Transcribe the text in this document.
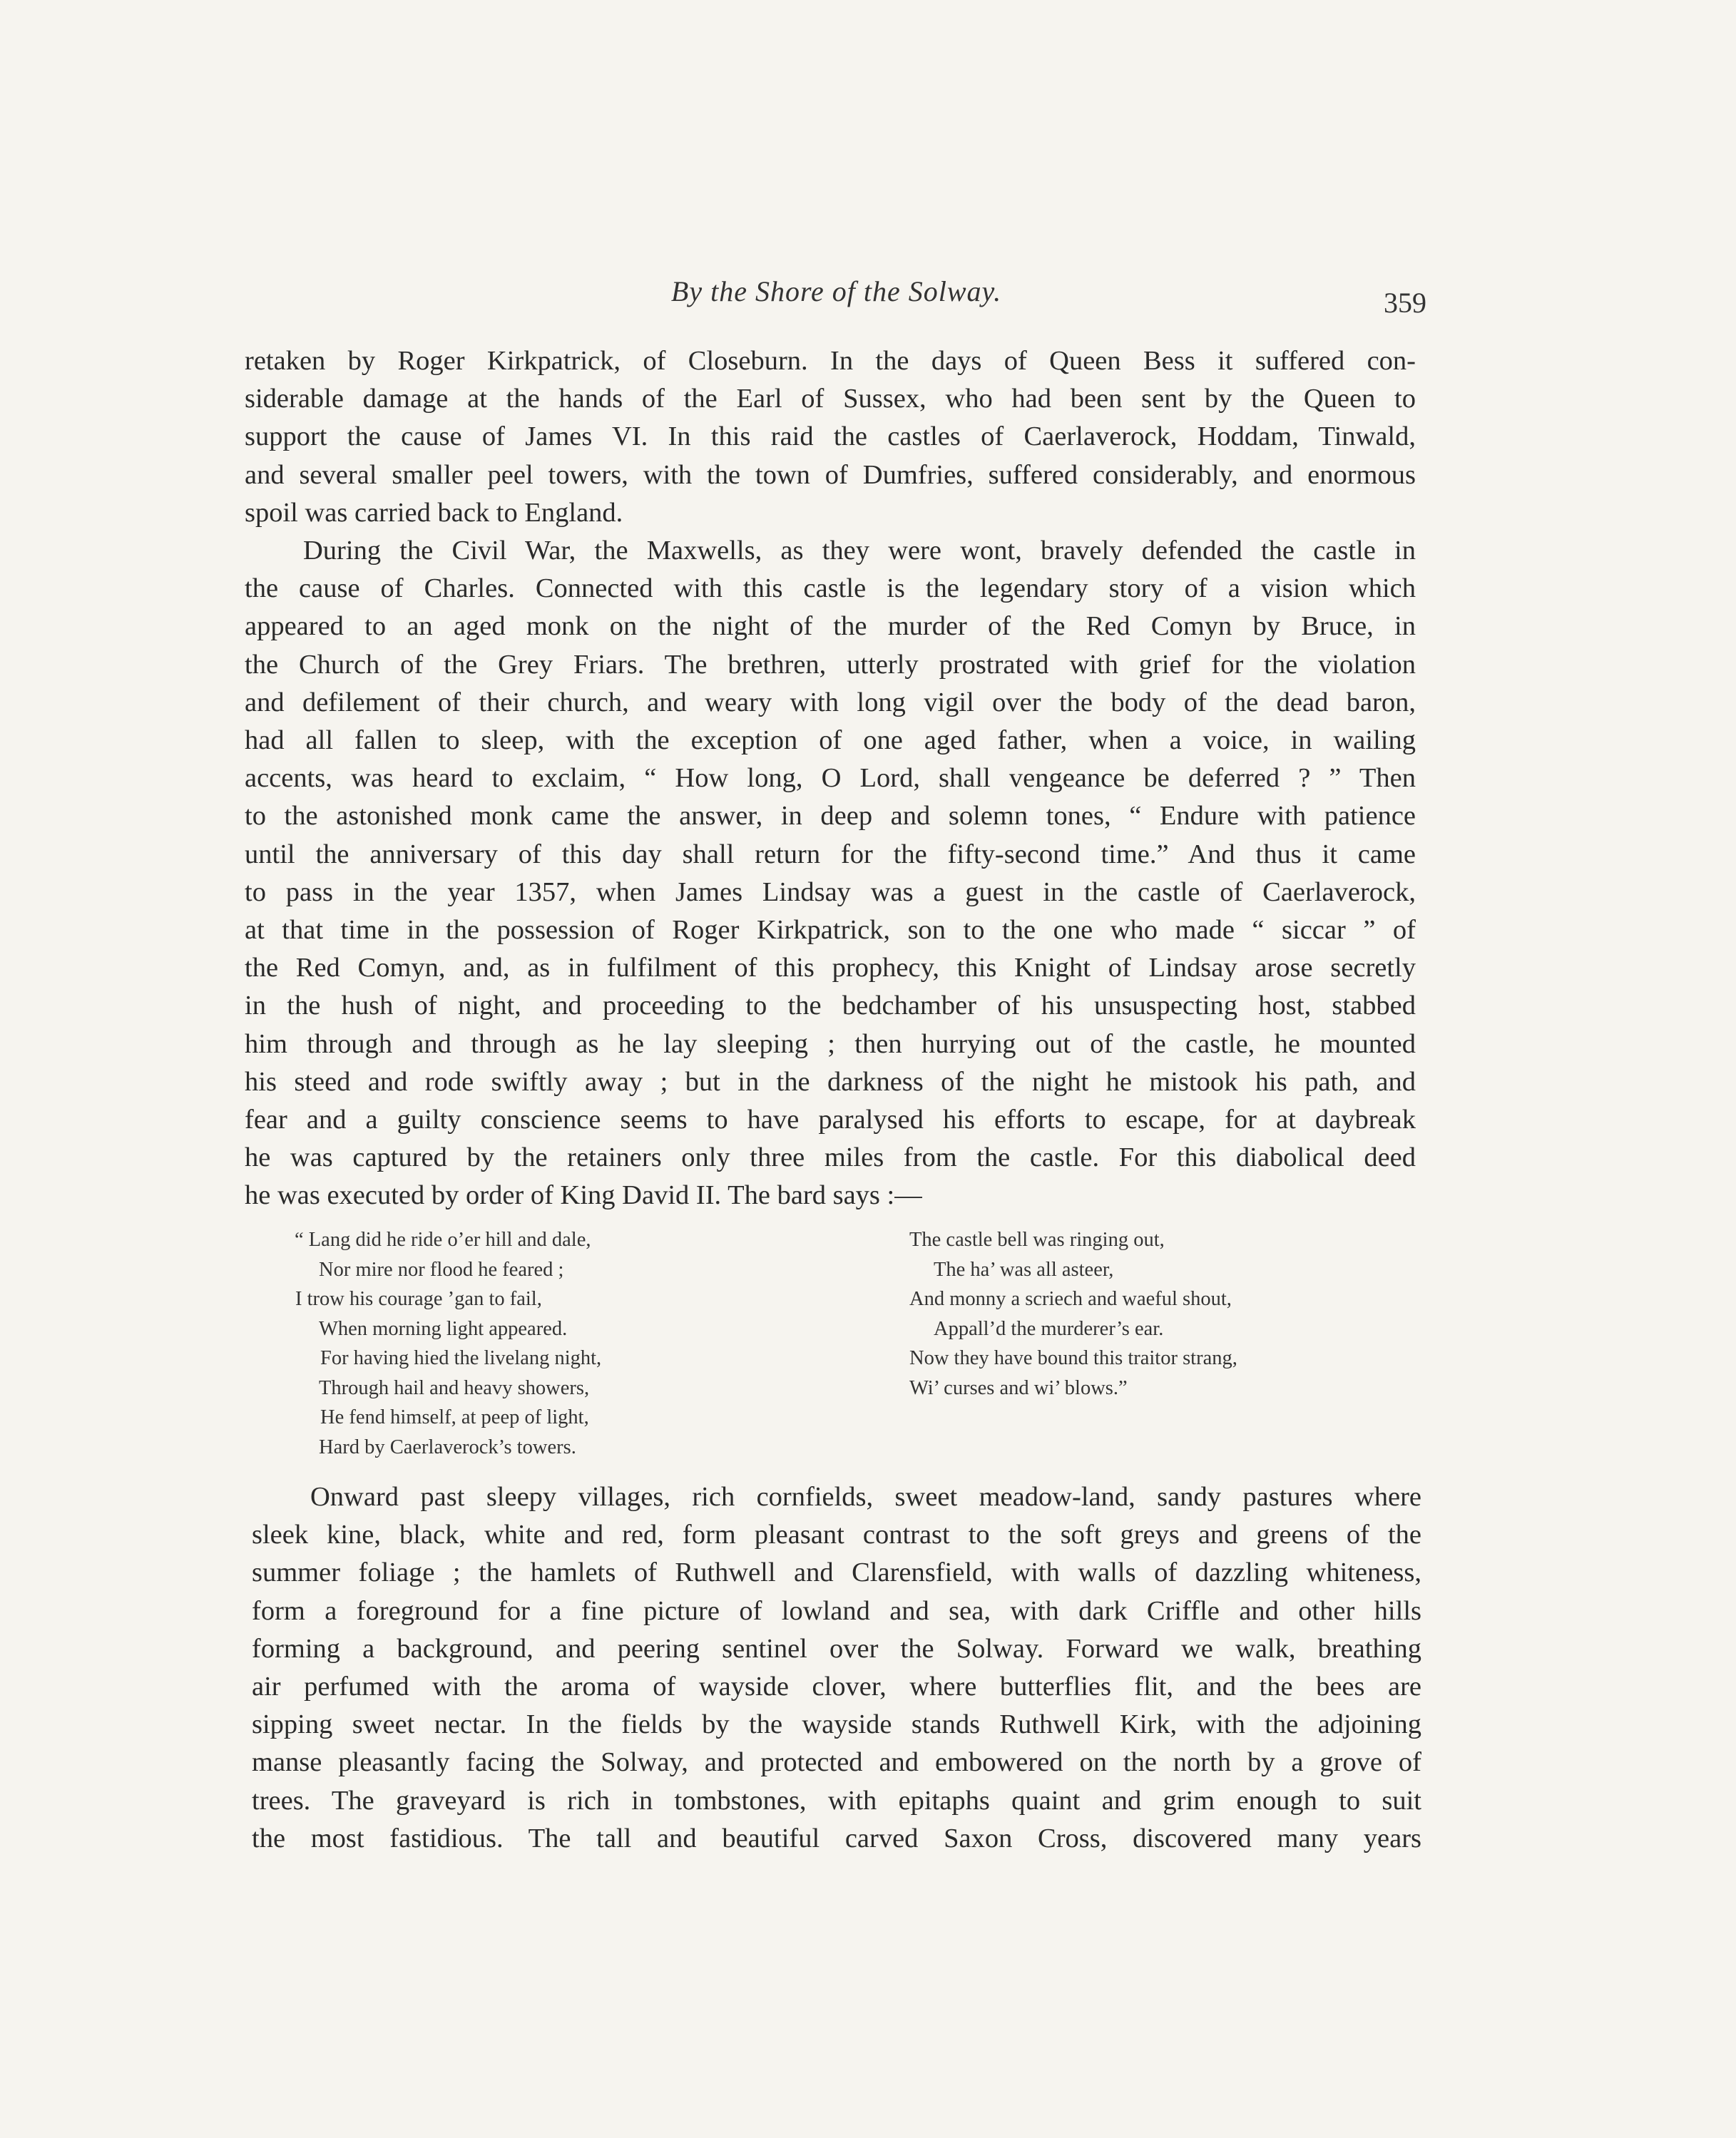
By the Shore of the Solway.	359
retaken by Roger Kirkpatrick, of Closeburn. In the days of Queen Bess it suffered con-
siderable damage at the hands of the Earl of Sussex, who had been sent by the Queen to
support the cause of James VI. In this raid the castles of Caerlaverock, Hoddam, Tinwald,
and several smaller peel towers, with the town of Dumfries, suffered considerably, and enormous
spoil was carried back to England.
During the Civil War, the Maxwells, as they were wont, bravely defended the castle in
the cause of Charles. Connected with this castle is the legendary story of a vision which
appeared to an aged monk on the night of the murder of the Red Comyn by Bruce, in
the Church of the Grey Friars. The brethren, utterly prostrated with grief for the violation
and defilement of their church, and weary with long vigil over the body of the dead baron,
had all fallen to sleep, with the exception of one aged father, when a voice, in wailing
accents, was heard to exclaim, “ How long, O Lord, shall vengeance be deferred ? ” Then
to the astonished monk came the answer, in deep and solemn tones, “ Endure with patience
until the anniversary of this day shall return for the fifty-second time.” And thus it came
to pass in the year 1357, when James Lindsay was a guest in the castle of Caerlaverock,
at that time in the possession of Roger Kirkpatrick, son to the one who made “ siccar ” of
the Red Comyn, and, as in fulfilment of this prophecy, this Knight of Lindsay arose secretly
in the hush of night, and proceeding to the bedchamber of his unsuspecting host, stabbed
him through and through as he lay sleeping ; then hurrying out of the castle, he mounted
his steed and rode swiftly away ; but in the darkness of the night he mistook his path, and
fear and a guilty conscience seems to have paralysed his efforts to escape, for at daybreak
he was captured by the retainers only three miles from the castle. For this diabolical deed
he was executed by order of King David II. The bard says :—
“ Lang did he ride o’er hill and dale,
Nor mire nor flood he feared ;
I trow his courage ’gan to fail,
When morning light appeared.
For having hied the livelang night,
Through hail and heavy showers,
He fend himself, at peep of light,
Hard by Caerlaverock’s towers.
The castle bell was ringing out,
The ha’ was all asteer,
And monny a scriech and waeful shout,
Appall’d the murderer’s ear.
Now they have bound this traitor strang,
Wi’ curses and wi’ blows.”
Onward past sleepy villages, rich cornfields, sweet meadow-land, sandy pastures where
sleek kine, black, white and red, form pleasant contrast to the soft greys and greens of the
summer foliage ; the hamlets of Ruthwell and Clarensfield, with walls of dazzling whiteness,
form a foreground for a fine picture of lowland and sea, with dark Criffle and other hills
forming a background, and peering sentinel over the Solway. Forward we walk, breathing
air perfumed with the aroma of wayside clover, where butterflies flit, and the bees are
sipping sweet nectar. In the fields by the wayside stands Ruthwell Kirk, with the adjoining
manse pleasantly facing the Solway, and protected and embowered on the north by a grove of
trees. The graveyard is rich in tombstones, with epitaphs quaint and grim enough to suit
the most fastidious. The tall and beautiful carved Saxon Cross, discovered many years
